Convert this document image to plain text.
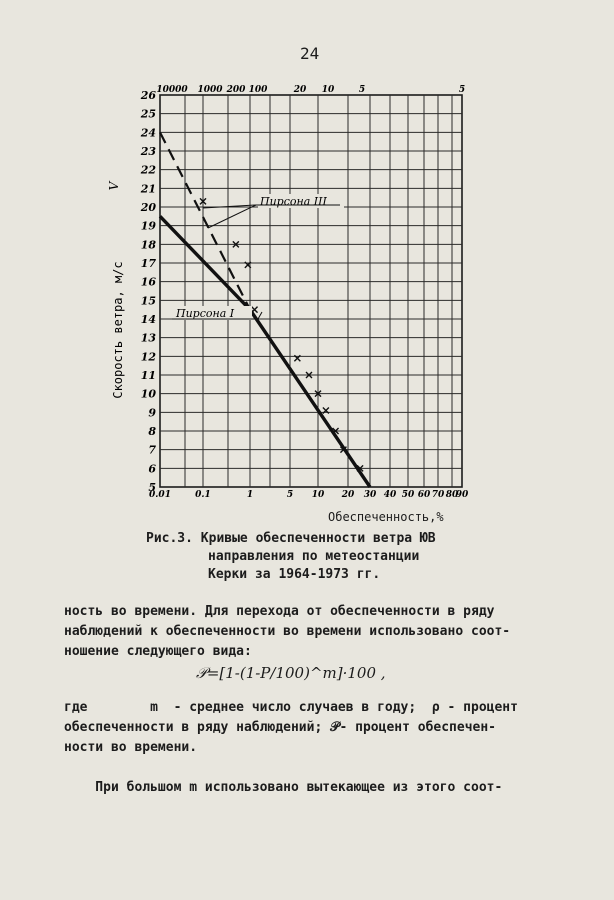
24
5
6
7
8
9
10
11
12
13
14
15
16
17
18
19
20
21
22
23
24
25
26
0.01	0.1	1	5 10 20 30 40 50 60 70 80
90
10000 1000 200 100	20 10	5	5
Пирсона III
Пирсона I
Скорость ветра, м/с
V
Обеспеченность,%
Рис.3. Кривые обеспеченности ветра ЮВ
направления по метеостанции
Керки за 1964-1973 гг.
ность во времени. Для перехода от обеспеченности в ряду
наблюдений к обеспеченности во времени использовано соот-
ношение следующего вида:
𝒫=[1-(1-P/100)^m]·100 ,
где        m  - среднее число случаев в году;  ρ - процент
обеспеченности в ряду наблюдений; 𝒫- процент обеспечен-
ности во времени.
При большом m использовано вытекающее из этого соот-
